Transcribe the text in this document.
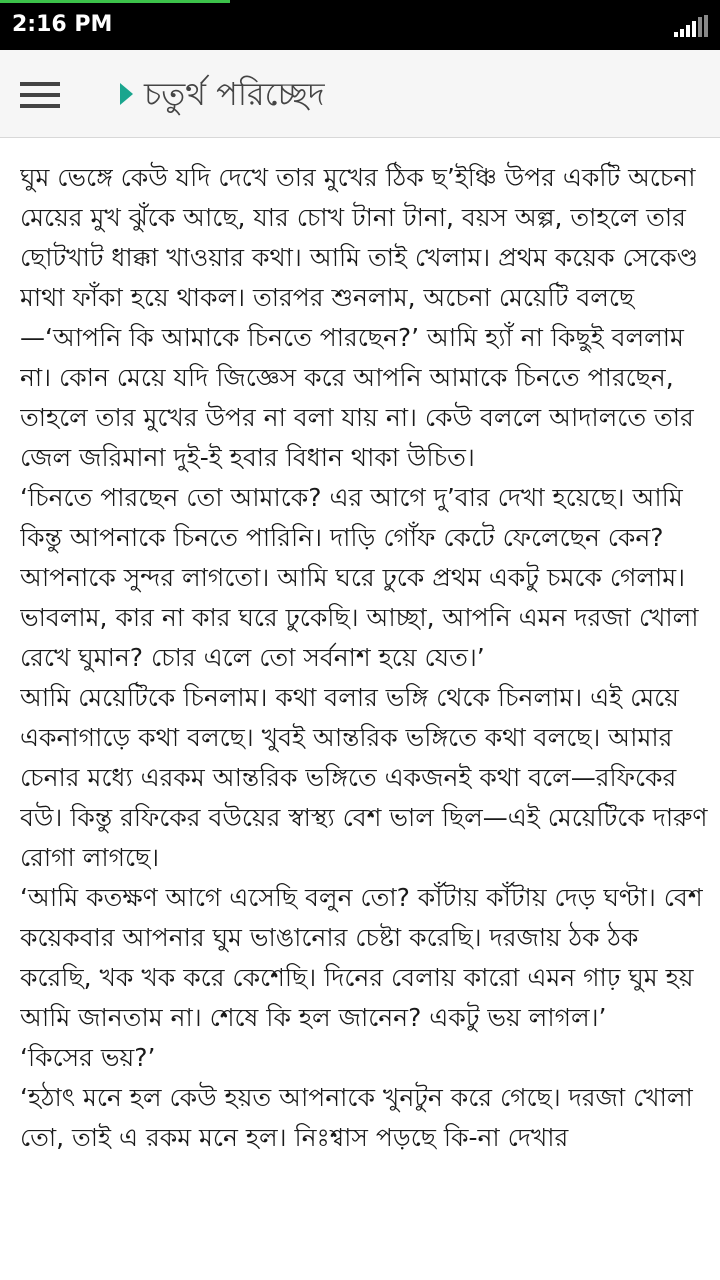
2:16 PM
চতুর্থ পরিচ্ছেদ

ঘুম ভেঙ্গে কেউ যদি দেখে তার মুখের ঠিক ছ’ইঞ্চি উপর একটি অচেনা মেয়ের মুখ ঝুঁকে আছে, যার চোখ টানা টানা, বয়স অল্প, তাহলে তার ছোটখাট ধাক্কা খাওয়ার কথা। আমি তাই খেলাম। প্রথম কয়েক সেকেণ্ড মাথা ফাঁকা হয়ে থাকল। তারপর শুনলাম, অচেনা মেয়েটি বলছে—‘আপনি কি আমাকে চিনতে পারছেন?’ আমি হ্যাঁ না কিছুই বললাম না। কোন মেয়ে যদি জিজ্ঞেস করে আপনি আমাকে চিনতে পারছেন, তাহলে তার মুখের উপর না বলা যায় না। কেউ বললে আদালতে তার জেল জরিমানা দুই-ই হবার বিধান থাকা উচিত।

‘চিনতে পারছেন তো আমাকে? এর আগে দু’বার দেখা হয়েছে। আমি কিন্তু আপনাকে চিনতে পারিনি। দাড়ি গোঁফ কেটে ফেলেছেন কেন? আপনাকে সুন্দর লাগতো। আমি ঘরে ঢুকে প্রথম একটু চমকে গেলাম। ভাবলাম, কার না কার ঘরে ঢুকেছি। আচ্ছা, আপনি এমন দরজা খোলা রেখে ঘুমান? চোর এলে তো সর্বনাশ হয়ে যেত।’

আমি মেয়েটিকে চিনলাম। কথা বলার ভঙ্গি থেকে চিনলাম। এই মেয়ে একনাগাড়ে কথা বলছে। খুবই আন্তরিক ভঙ্গিতে কথা বলছে। আমার চেনার মধ্যে এরকম আন্তরিক ভঙ্গিতে একজনই কথা বলে—রফিকের বউ। কিন্তু রফিকের বউয়ের স্বাস্থ্য বেশ ভাল ছিল—এই মেয়েটিকে দারুণ রোগা লাগছে।

‘আমি কতক্ষণ আগে এসেছি বলুন তো? কাঁটায় কাঁটায় দেড় ঘণ্টা। বেশ কয়েকবার আপনার ঘুম ভাঙানোর চেষ্টা করেছি। দরজায় ঠক ঠক করেছি, খক খক করে কেশেছি। দিনের বেলায় কারো এমন গাঢ় ঘুম হয় আমি জানতাম না। শেষে কি হল জানেন? একটু ভয় লাগল।’

‘কিসের ভয়?’

‘হঠাৎ মনে হল কেউ হয়ত আপনাকে খুনটুন করে গেছে। দরজা খোলা তো, তাই এ রকম মনে হল। নিঃশ্বাস পড়ছে কি-না দেখার
